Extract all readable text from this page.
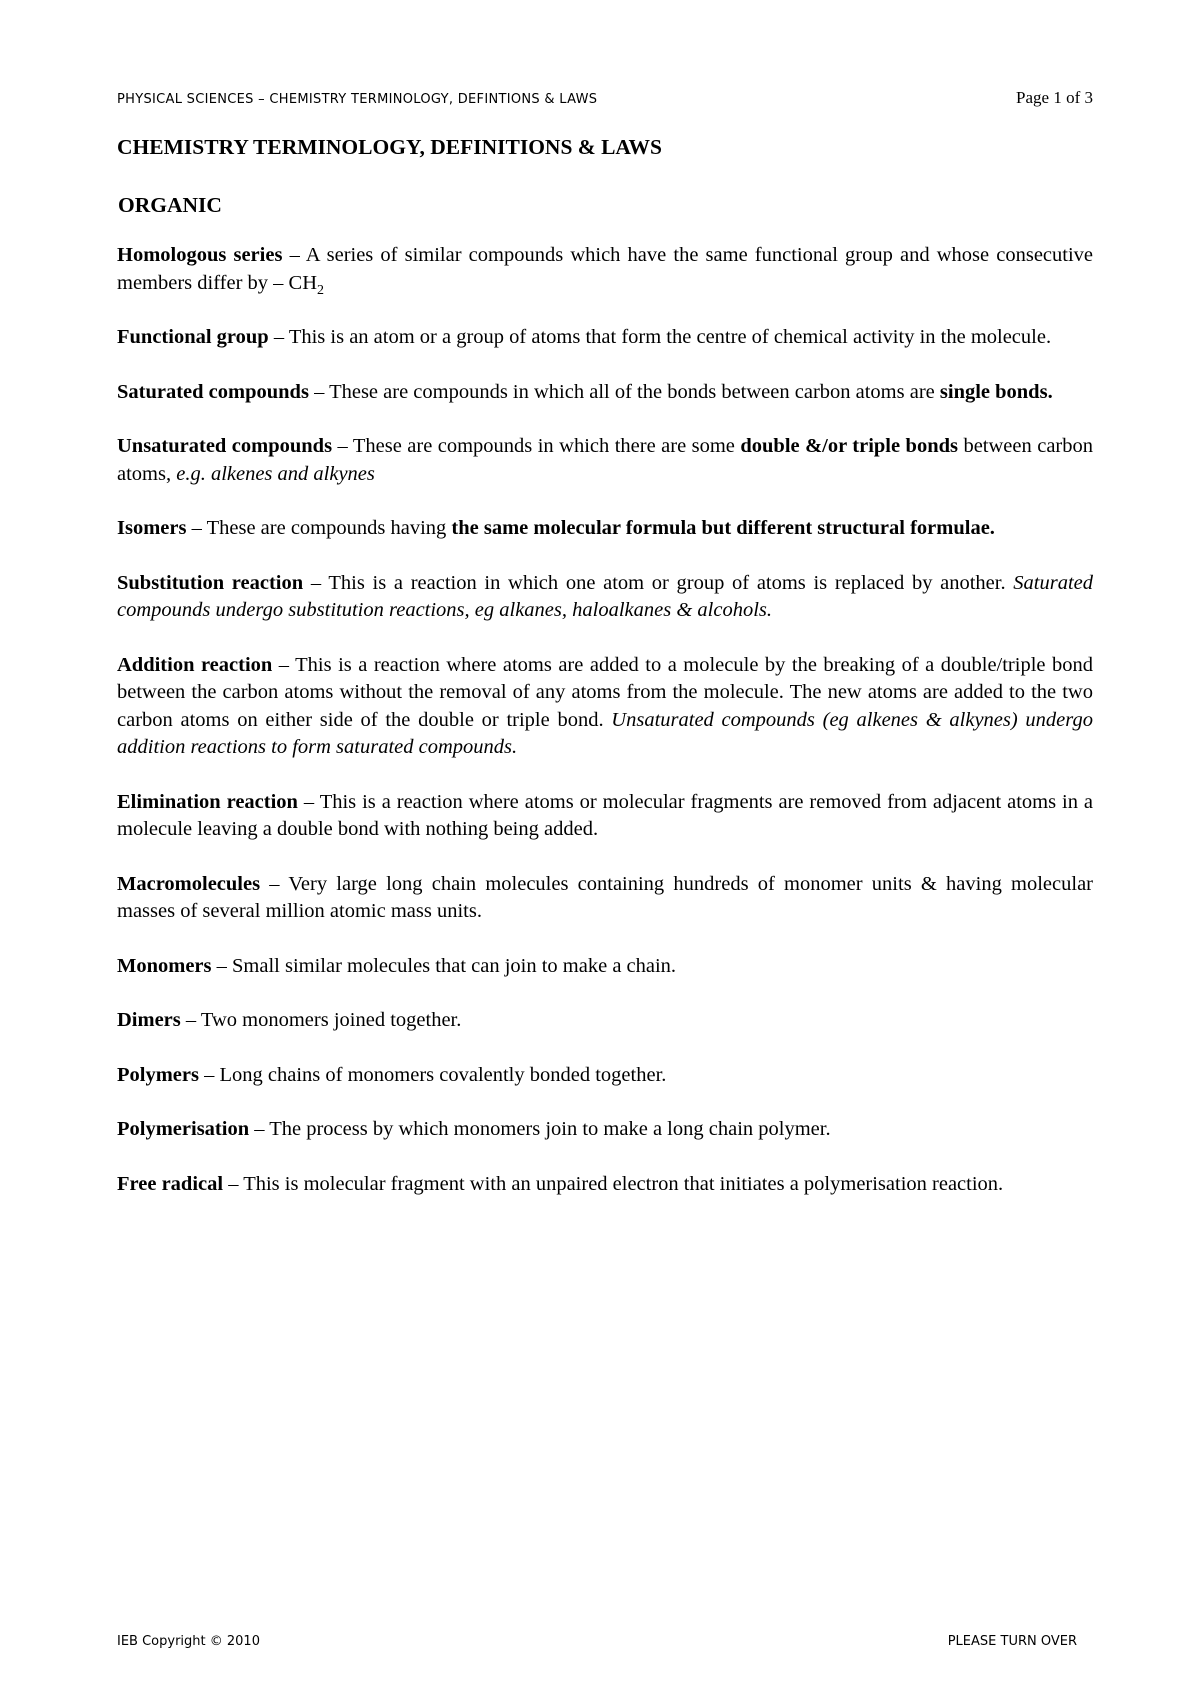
PHYSICAL SCIENCES – CHEMISTRY TERMINOLOGY, DEFINTIONS & LAWS	Page 1 of 3
CHEMISTRY TERMINOLOGY, DEFINITIONS & LAWS
ORGANIC

Homologous series – A series of similar compounds which have the same functional group and whose consecutive members differ by – $CH_2$

Functional group – This is an atom or a group of atoms that form the centre of chemical activity in the molecule.

Saturated compounds – These are compounds in which all of the bonds between carbon atoms are single bonds.

Unsaturated compounds – These are compounds in which there are some double &/or triple bonds between carbon atoms, e.g. alkenes and alkynes

Isomers – These are compounds having the same molecular formula but different structural formulae.

Substitution reaction – This is a reaction in which one atom or group of atoms is replaced by another. Saturated compounds undergo substitution reactions, eg alkanes, haloalkanes & alcohols.

Addition reaction – This is a reaction where atoms are added to a molecule by the breaking of a double/triple bond between the carbon atoms without the removal of any atoms from the molecule. The new atoms are added to the two carbon atoms on either side of the double or triple bond. Unsaturated compounds (eg alkenes & alkynes) undergo addition reactions to form saturated compounds.

Elimination reaction – This is a reaction where atoms or molecular fragments are removed from adjacent atoms in a molecule leaving a double bond with nothing being added.

Macromolecules – Very large long chain molecules containing hundreds of monomer units & having molecular masses of several million atomic mass units.

Monomers – Small similar molecules that can join to make a chain.

Dimers – Two monomers joined together.

Polymers – Long chains of monomers covalently bonded together.

Polymerisation – The process by which monomers join to make a long chain polymer.

Free radical – This is molecular fragment with an unpaired electron that initiates a polymerisation reaction.

IEB Copyright © 2010	PLEASE TURN OVER
